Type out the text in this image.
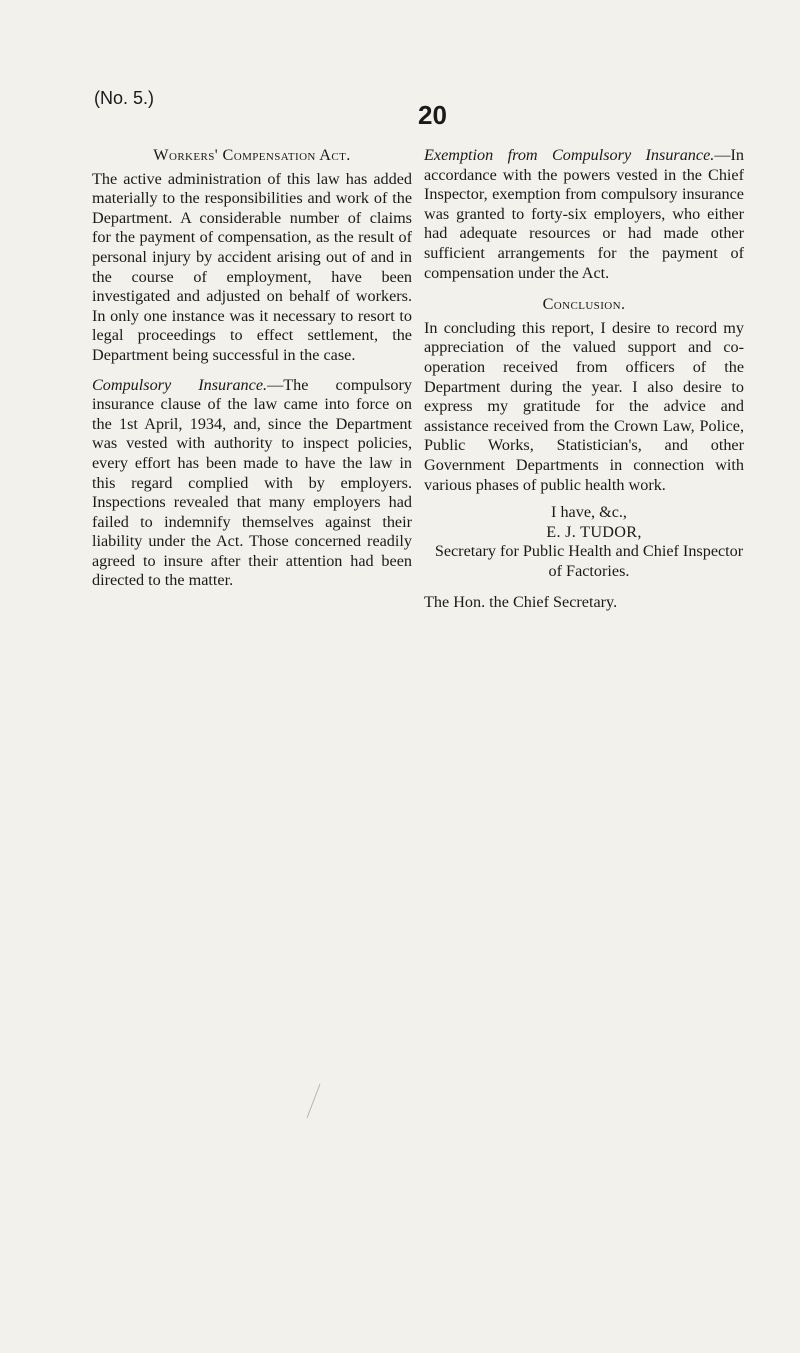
(No. 5.)
20
Workers' Compensation Act.

The active administration of this law has added materially to the responsibilities and work of the Department. A considerable number of claims for the payment of compensation, as the result of personal injury by accident arising out of and in the course of employment, have been investigated and adjusted on behalf of workers. In only one instance was it necessary to resort to legal proceedings to effect settlement, the Department being successful in the case.

Compulsory Insurance.—The compulsory insurance clause of the law came into force on the 1st April, 1934, and, since the Department was vested with authority to inspect policies, every effort has been made to have the law in this regard complied with by employers. Inspections revealed that many employers had failed to indemnify themselves against their liability under the Act. Those concerned readily agreed to insure after their attention had been directed to the matter.

Exemption from Compulsory Insurance.—In accordance with the powers vested in the Chief Inspector, exemption from compulsory insurance was granted to forty-six employers, who either had adequate resources or had made other sufficient arrangements for the payment of compensation under the Act.

Conclusion.

In concluding this report, I desire to record my appreciation of the valued support and co-operation received from officers of the Department during the year. I also desire to express my gratitude for the advice and assistance received from the Crown Law, Police, Public Works, Statistician's, and other Government Departments in connection with various phases of public health work.

I have, &c.,

E. J. TUDOR,

Secretary for Public Health and Chief Inspector of Factories.

The Hon. the Chief Secretary.
